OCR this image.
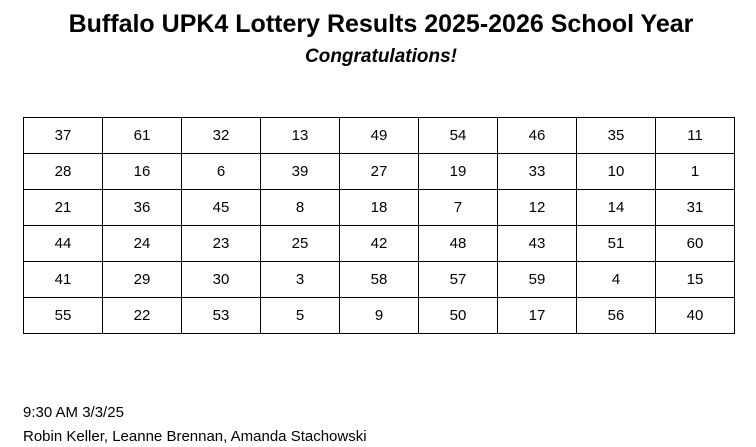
Buffalo UPK4 Lottery Results 2025-2026 School Year

Congratulations!

37	61	32	13	49	54	46	35	11
28	16	6	39	27	19	33	10	1
21	36	45	8	18	7	12	14	31
44	24	23	25	42	48	43	51	60
41	29	30	3	58	57	59	4	15
55	22	53	5	9	50	17	56	40

9:30 AM 3/3/25

Robin Keller, Leanne Brennan, Amanda Stachowski
